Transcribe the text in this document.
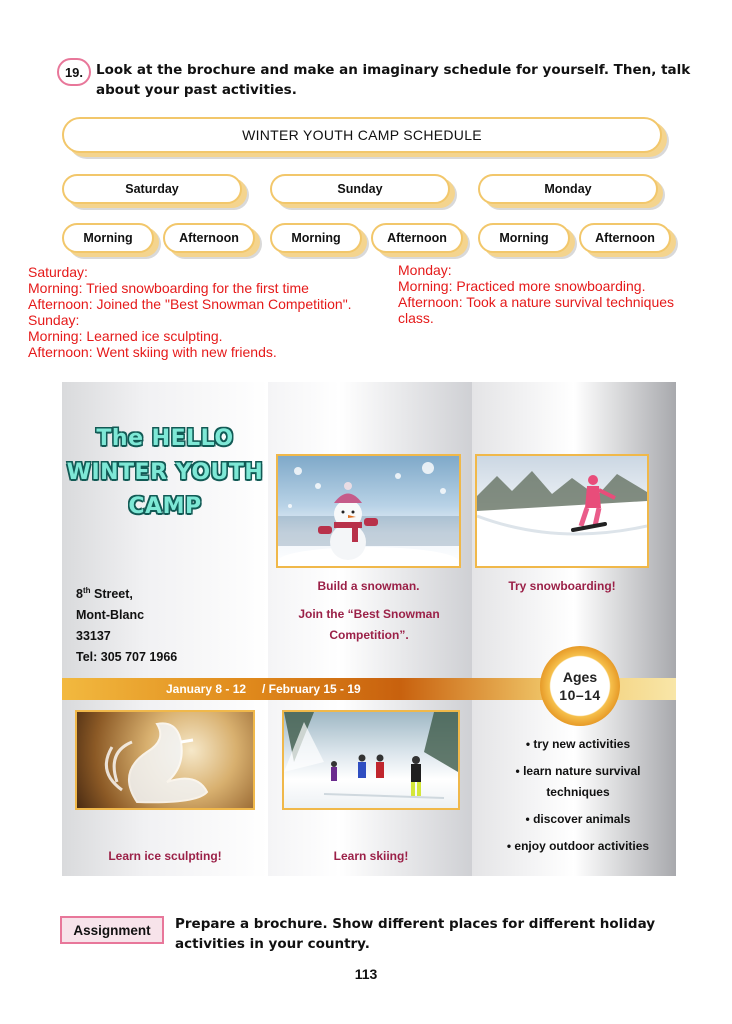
19. Look at the brochure and make an imaginary schedule for yourself. Then, talk about your past activities.
WINTER YOUTH CAMP SCHEDULE
Saturday	Sunday	Monday
Morning	Afternoon	Morning	Afternoon	Morning	Afternoon
Saturday:
Morning: Tried snowboarding for the first time
Afternoon: Joined the "Best Snowman Competition".
Sunday:
Morning: Learned ice sculpting.
Afternoon: Went skiing with new friends.
Monday:
Morning: Practiced more snowboarding.
Afternoon: Took a nature survival techniques
class.
The HELLO
WINTER YOUTH
CAMP
8th Street,
Mont-Blanc
33137
Tel: 305 707 1966
Build a snowman.
Join the “Best Snowman Competition”.
Try snowboarding!
January 8 - 12 / February 15 - 19
Ages
10–14
Learn ice sculpting!	Learn skiing!
• try new activities
• learn nature survival techniques
• discover animals
• enjoy outdoor activities
Assignment	Prepare a brochure. Show different places for different holiday activities in your country.
113
